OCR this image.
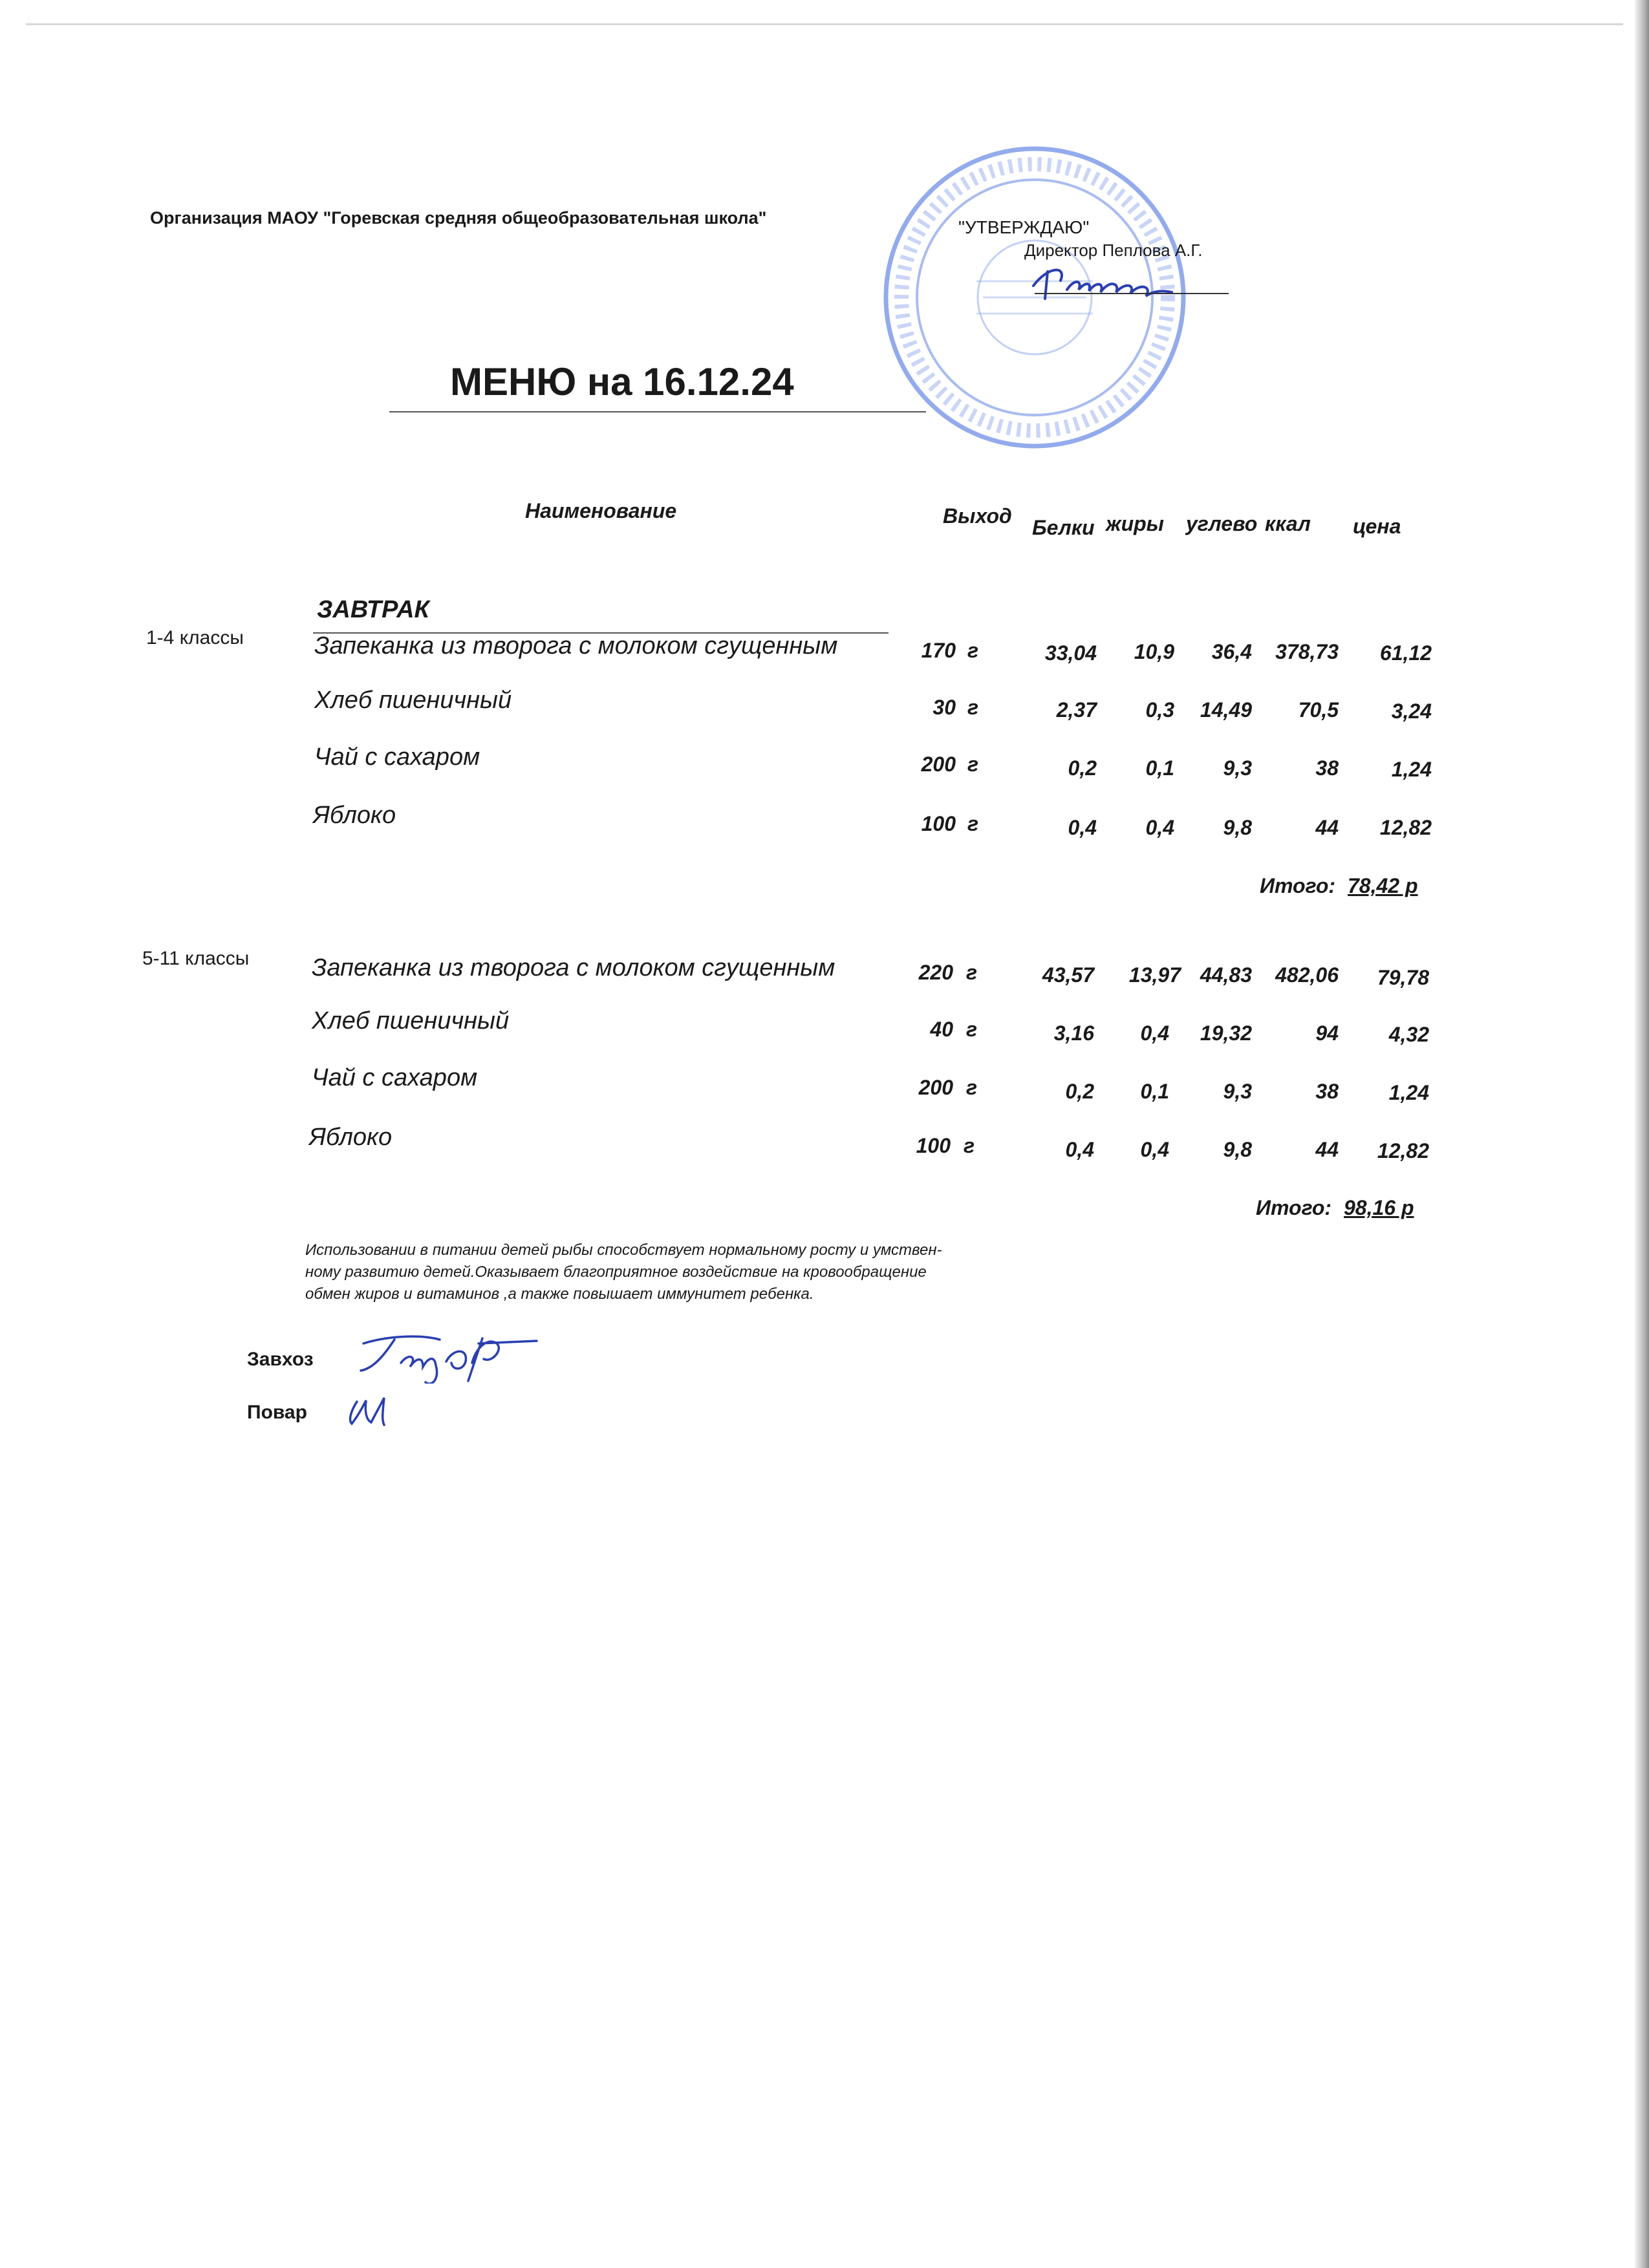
Организация МАОУ "Горевская средняя общеобразовательная школа"	"УТВЕРЖДАЮ"
Директор Пеплова А.Г.
МЕНЮ на 16.12.24
Наименование	Выход Белки жиры углево ккал цена
ЗАВТРАК
1-4 классы	Запеканка из творога с молоком сгущенным	170 г	33,04	10,9	36,4	378,73	61,12
Хлеб пшеничный	30 г	2,37	0,3	14,49	70,5	3,24
Чай с сахаром	200 г	0,2	0,1	9,3	38	1,24
Яблоко	100 г	0,4	0,4	9,8	44	12,82
Итого: 78,42 р
5-11 классы	Запеканка из творога с молоком сгущенным	220 г	43,57	13,97 44,83	482,06	79,78
Хлеб пшеничный	40 г	3,16	0,4	19,32	94	4,32
Чай с сахаром	200 г	0,2	0,1	9,3	38	1,24
Яблоко	100 г	0,4	0,4	9,8	44	12,82
Итого: 98,16 р
Использовании в питании детей рыбы способствует нормальному росту и умствен-
ному развитию детей.Оказывает благоприятное воздействие на кровообращение
обмен жиров и витаминов ,а также повышает иммунитет ребенка.
Завхоз
Повар
